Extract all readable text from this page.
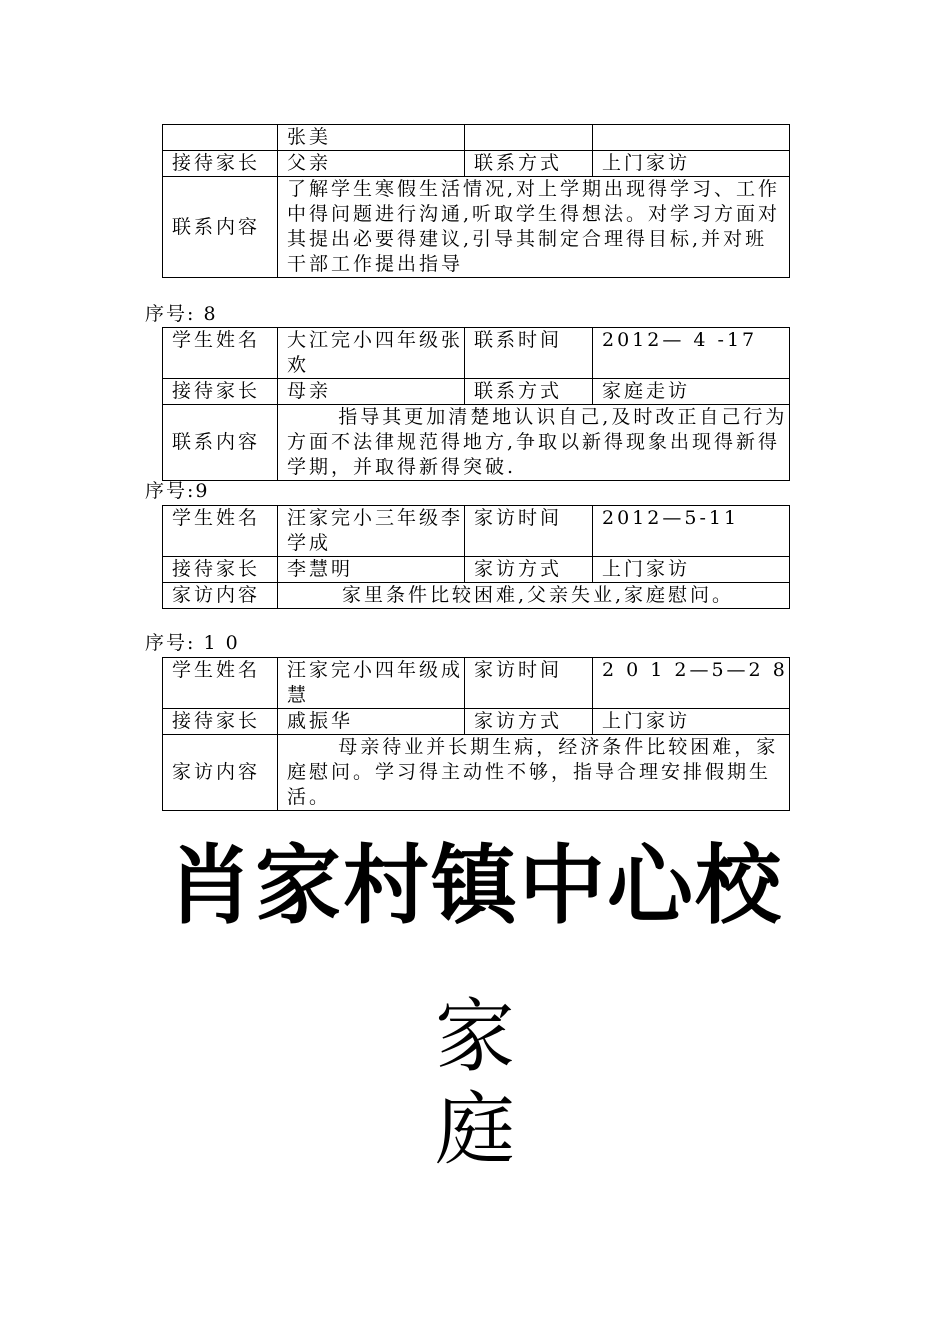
	张美		
接待家长	父亲	联系方式	上门家访
联系内容	了解学生寒假生活情况,对上学期出现得学习、工作中得问题进行沟通,听取学生得想法。对学习方面对其提出必要得建议,引导其制定合理得目标,并对班干部工作提出指导		
序号: 8
学生姓名	大江完小四年级张欢	联系时间	2012— 4 -17
接待家长	母亲	联系方式	家庭走访
联系内容	指导其更加清楚地认识自己,及时改正自己行为方面不法律规范得地方,争取以新得现象出现得新得学期，并取得新得突破.		
序号:9
学生姓名	汪家完小三年级李学成	家访时间	2012—5-11
接待家长	李慧明	家访方式	上门家访
家访内容	家里条件比较困难,父亲失业,家庭慰问。		
序号: 1 0
学生姓名	汪家完小四年级成慧	家访时间	2 0 1 2—5—2 8
接待家长	戚振华	家访方式	上门家访
家访内容	母亲待业并长期生病，经济条件比较困难，家庭慰问。学习得主动性不够，指导合理安排假期生活。		
肖家村镇中心校
家
庭
